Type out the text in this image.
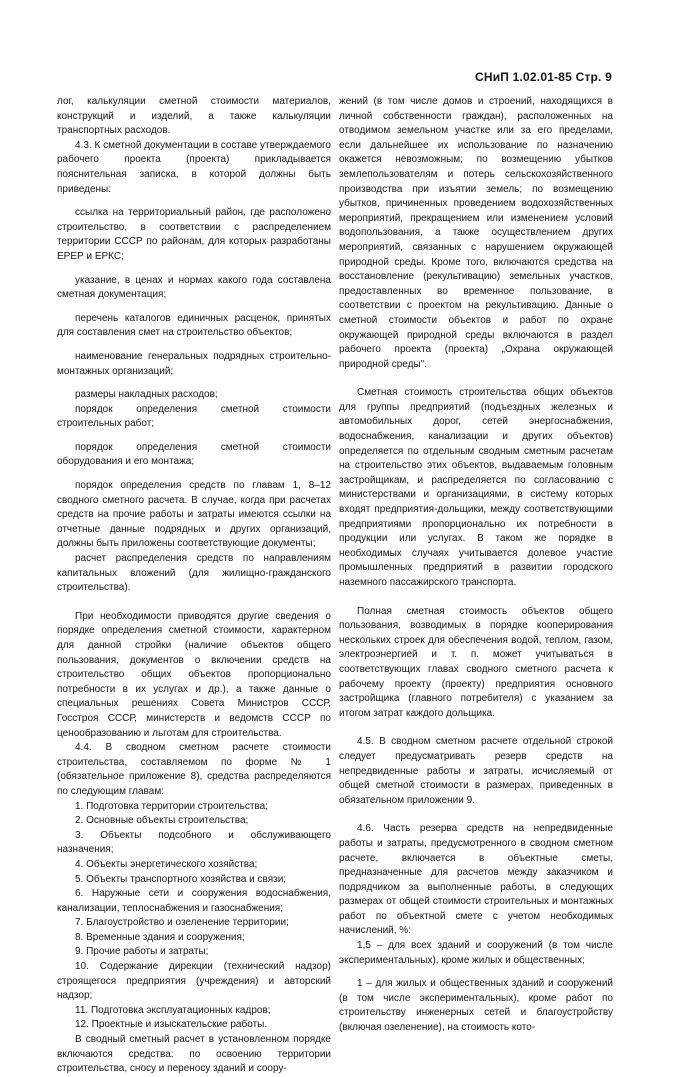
СНиП 1.02.01-85 Стр. 9

лог, калькуляции сметной стоимости материалов, конструкций и изделий, а также калькуляции транспортных расходов.

4.3. К сметной документации в составе утверждаемого рабочего проекта (проекта) прикладывается пояснительная записка, в которой должны быть приведены:

ссылка на территориальный район, где расположено строительство, в соответствии с распределением территории СССР по районам, для которых разработаны ЕРЕР и ЕРКС;

указание, в ценах и нормах какого года составлена сметная документация;

перечень каталогов единичных расценок, принятых для составления смет на строительство объектов;

наименование генеральных подрядных строительно-монтажных организаций;

размеры накладных расходов;

порядок определения сметной стоимости строительных работ;

порядок определения сметной стоимости оборудования и его монтажа;

порядок определения средств по главам 1, 8–12 сводного сметного расчета. В случае, когда при расчетах средств на прочие работы и затраты имеются ссылки на отчетные данные подрядных и других организаций, должны быть приложены соответствующие документы;

расчет распределения средств по направлениям капитальных вложений (для жилищно-гражданского строительства).

При необходимости приводятся другие сведения о порядке определения сметной стоимости, характерном для данной стройки (наличие объектов общего пользования, документов о включении средств на строительство общих объектов пропорционально потребности в их услугах и др.), а также данные о специальных решениях Совета Министров СССР, Госстроя СССР, министерств и ведомств СССР по ценообразованию и льготам для строительства.

4.4. В сводном сметном расчете стоимости строительства, составляемом по форме № 1 (обязательное приложение 8), средства распределяются по следующим главам:

1. Подготовка территории строительства;

2. Основные объекты строительства;

3. Объекты подсобного и обслуживающего назначения;

4. Объекты энергетического хозяйства;

5. Объекты транспортного хозяйства и связи;

6. Наружные сети и сооружения водоснабжения, канализации, теплоснабжения и газоснабжения;

7. Благоустройство и озеленение территории;

8. Временные здания и сооружения;

9. Прочие работы и затраты;

10. Содержание дирекции (технический надзор) строящегося предприятия (учреждения) и авторский надзор;

11. Подготовка эксплуатационных кадров;

12. Проектные и изыскательские работы.

В сводный сметный расчет в установленном порядке включаются средства: по освоению территории строительства, сносу и переносу зданий и соору-

жений (в том числе домов и строений, находящихся в личной собственности граждан), расположенных на отводимом земельном участке или за его пределами, если дальнейшее их использование по назначению окажется невозможным; по возмещению убытков землепользователям и потерь сельскохозяйственного производства при изъятии земель; по возмещению убытков, причиненных проведением водохозяйственных мероприятий, прекращением или изменением условий водопользования, а также осуществлением других мероприятий, связанных с нарушением окружающей природной среды. Кроме того, включаются средства на восстановление (рекультивацию) земельных участков, предоставленных во временное пользование, в соответствии с проектом на рекультивацию. Данные о сметной стоимости объектов и работ по охране окружающей природной среды включаются в раздел рабочего проекта (проекта) „Охрана окружающей природной среды".

Сметная стоимость строительства общих объектов для группы предприятий (подъездных железных и автомобильных дорог, сетей энергоснабжения, водоснабжения, канализации и других объектов) определяется по отдельным сводным сметным расчетам на строительство этих объектов, выдаваемым головным застройщикам, и распределяется по согласованию с министерствами и организациями, в систему которых входят предприятия-дольщики, между соответствующими предприятиями пропорционально их потребности в продукции или услугах. В таком же порядке в необходимых случаях учитывается долевое участие промышленных предприятий в развитии городского наземного пассажирского транспорта.

Полная сметная стоимость объектов общего пользования, возводимых в порядке кооперирования нескольких строек для обеспечения водой, теплом, газом, электроэнергией и т. п. может учитываться в соответствующих главах сводного сметного расчета к рабочему проекту (проекту) предприятия основного застройщика (главного потребителя) с указанием за итогом затрат каждого дольщика.

4.5. В сводном сметном расчете отдельной строкой следует предусматривать резерв средств на непредвиденные работы и затраты, исчисляемый от общей сметной стоимости в размерах, приведенных в обязательном приложении 9.

4.6. Часть резерва средств на непредвиденные работы и затраты, предусмотренного в сводном сметном расчете, включается в объектные сметы, предназначенные для расчетов между заказчиком и подрядчиком за выполненные работы, в следующих размерах от общей стоимости строительных и монтажных работ по объектной смете с учетом необходимых начислений, %:

1,5 – для всех зданий и сооружений (в том числе экспериментальных), кроме жилых и общественных;

1 – для жилых и общественных зданий и сооружений (в том числе экспериментальных), кроме работ по строительству инженерных сетей и благоустройству (включая озеленение), на стоимость кото-
